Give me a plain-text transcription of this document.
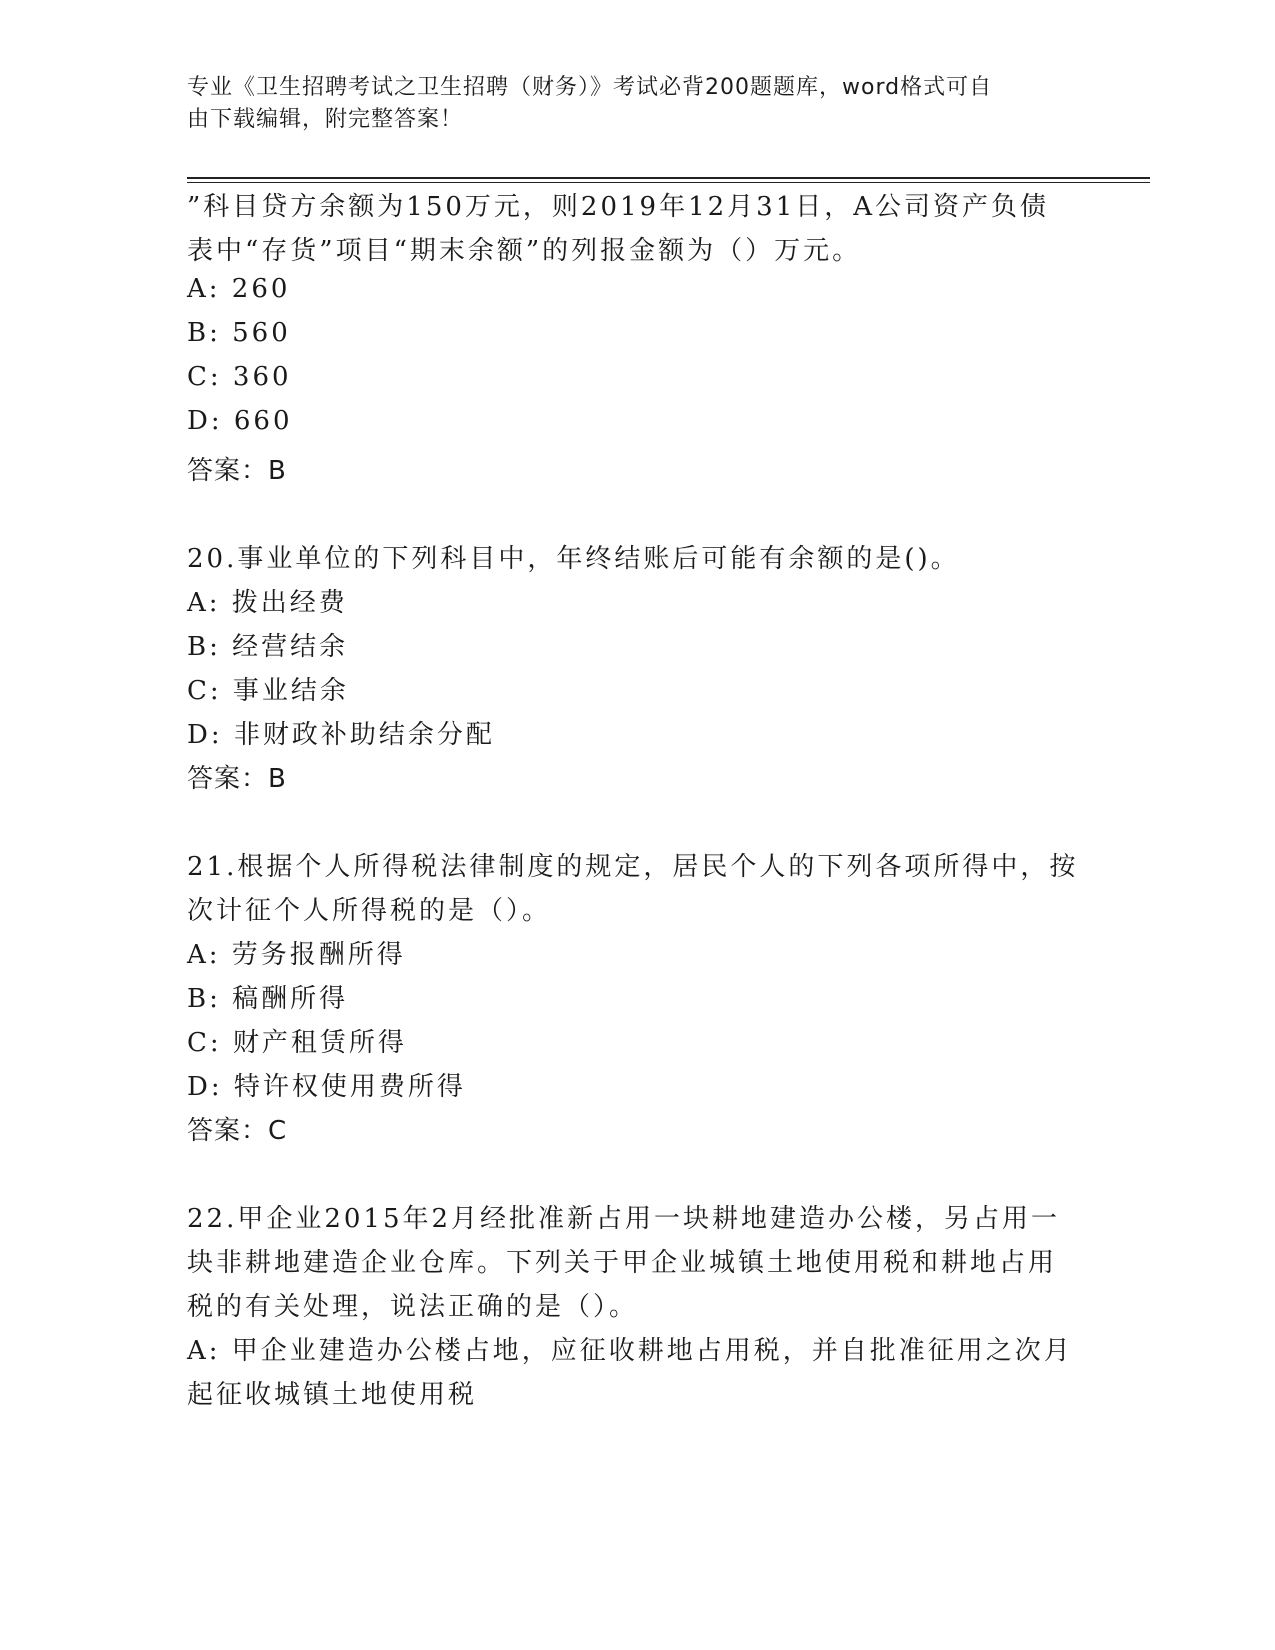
专业《卫生招聘考试之卫生招聘（财务）》考试必背200题题库，word格式可自
由下载编辑，附完整答案！
”科目贷方余额为150万元，则2019年12月31日，A公司资产负债
表中“存货”项目“期末余额”的列报金额为（）万元。
A: 260
B: 560
C: 360
D: 660
答案：B
20.事业单位的下列科目中，年终结账后可能有余额的是()。
A: 拨出经费
B: 经营结余
C: 事业结余
D: 非财政补助结余分配
答案：B
21.根据个人所得税法律制度的规定，居民个人的下列各项所得中，按
次计征个人所得税的是（）。
A: 劳务报酬所得
B: 稿酬所得
C: 财产租赁所得
D: 特许权使用费所得
答案：C
22.甲企业2015年2月经批准新占用一块耕地建造办公楼，另占用一
块非耕地建造企业仓库。下列关于甲企业城镇土地使用税和耕地占用
税的有关处理，说法正确的是（）。
A: 甲企业建造办公楼占地，应征收耕地占用税，并自批准征用之次月
起征收城镇土地使用税
